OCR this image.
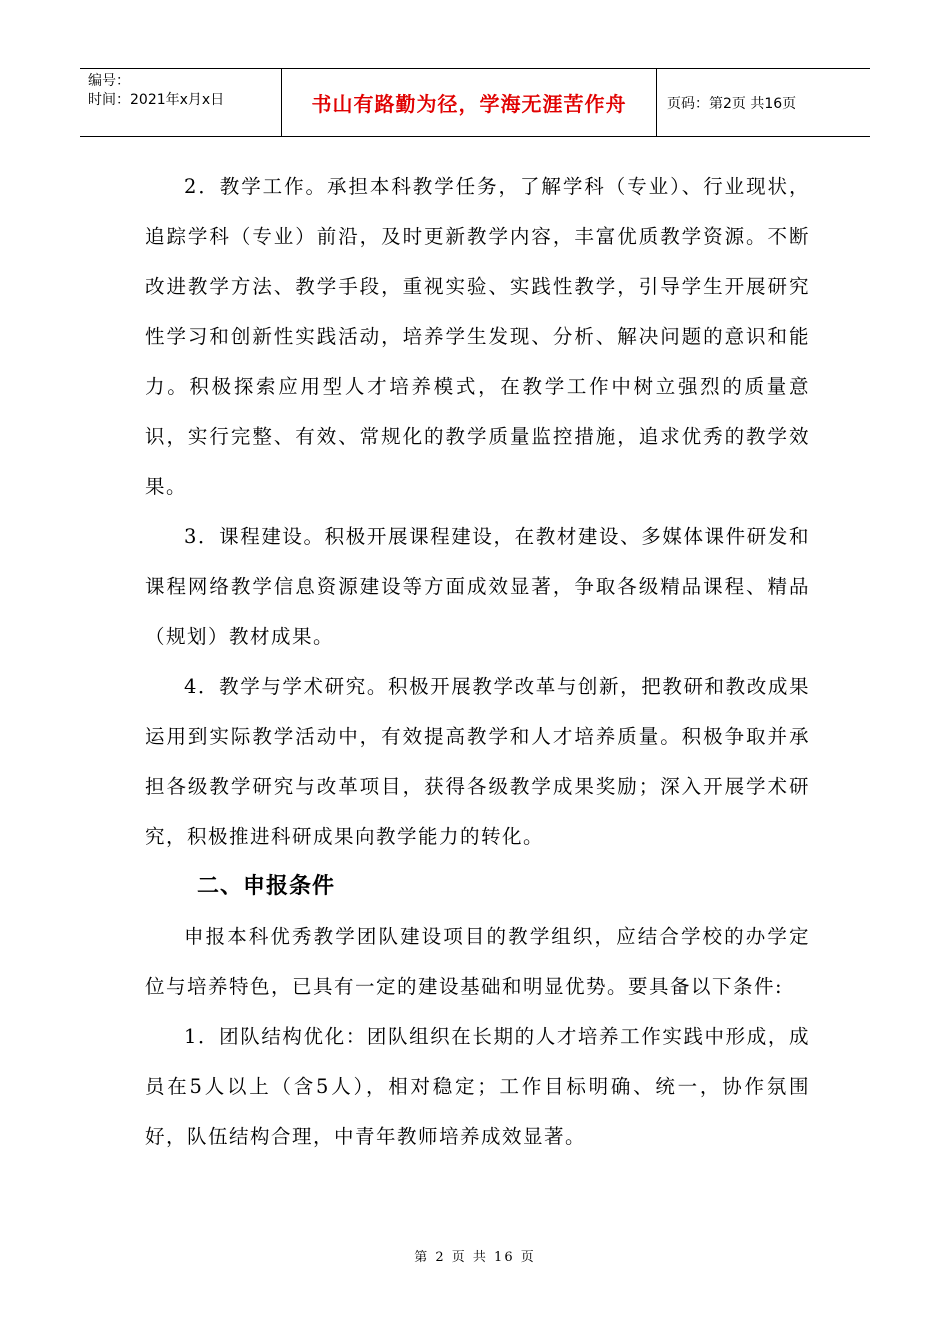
编号：
时间：2021年x月x日	书山有路勤为径，学海无涯苦作舟	页码：第2页 共16页

2．教学工作。承担本科教学任务，了解学科（专业）、行业现状，追踪学科（专业）前沿，及时更新教学内容，丰富优质教学资源。不断改进教学方法、教学手段，重视实验、实践性教学，引导学生开展研究性学习和创新性实践活动，培养学生发现、分析、解决问题的意识和能力。积极探索应用型人才培养模式，在教学工作中树立强烈的质量意识，实行完整、有效、常规化的教学质量监控措施，追求优秀的教学效果。

3．课程建设。积极开展课程建设，在教材建设、多媒体课件研发和课程网络教学信息资源建设等方面成效显著，争取各级精品课程、精品（规划）教材成果。

4．教学与学术研究。积极开展教学改革与创新，把教研和教改成果运用到实际教学活动中，有效提高教学和人才培养质量。积极争取并承担各级教学研究与改革项目，获得各级教学成果奖励；深入开展学术研究，积极推进科研成果向教学能力的转化。

二、申报条件

申报本科优秀教学团队建设项目的教学组织，应结合学校的办学定位与培养特色，已具有一定的建设基础和明显优势。要具备以下条件:

1．团队结构优化：团队组织在长期的人才培养工作实践中形成，成员在5人以上（含5人），相对稳定；工作目标明确、统一，协作氛围好，队伍结构合理，中青年教师培养成效显著。

第 2 页 共 16 页
